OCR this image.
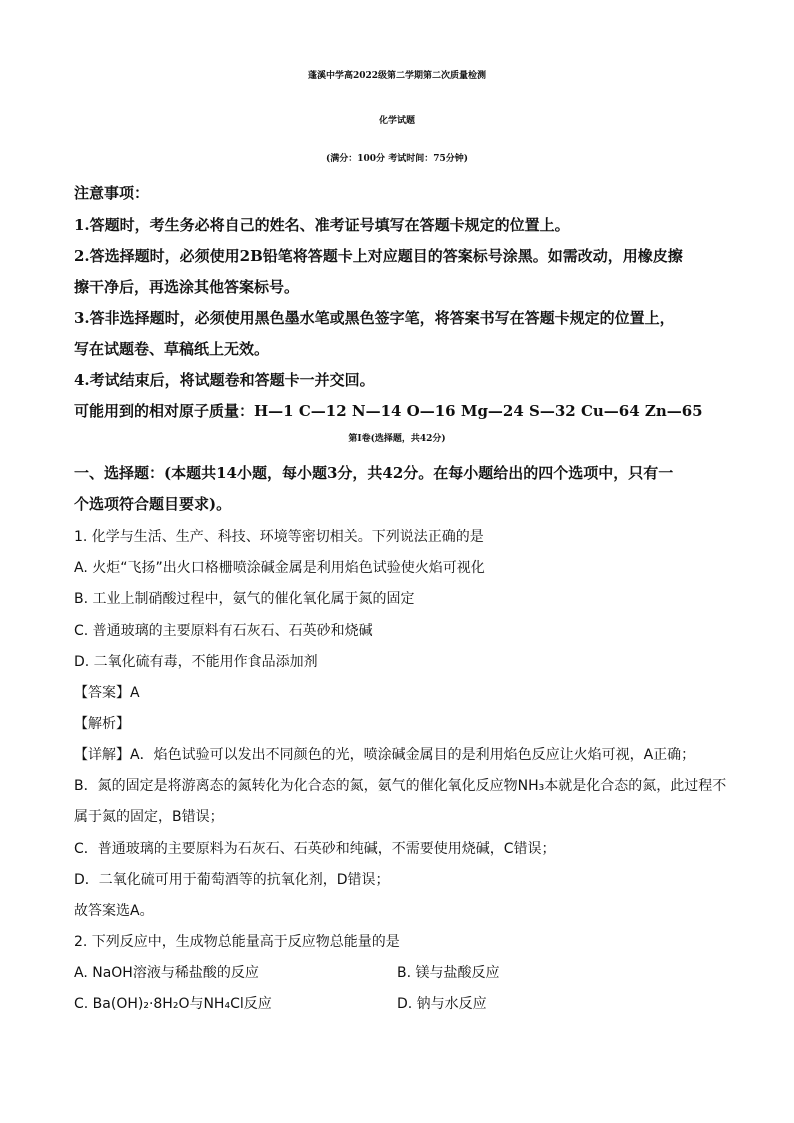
蓬溪中学高2022级第二学期第二次质量检测
化学试题
(满分：100分 考试时间：75分钟)
注意事项：
1.答题时，考生务必将自己的姓名、准考证号填写在答题卡规定的位置上。
2.答选择题时，必须使用2B铅笔将答题卡上对应题目的答案标号涂黑。如需改动，用橡皮擦
擦干净后，再选涂其他答案标号。
3.答非选择题时，必须使用黑色墨水笔或黑色签字笔，将答案书写在答题卡规定的位置上，
写在试题卷、草稿纸上无效。
4.考试结束后，将试题卷和答题卡一并交回。
可能用到的相对原子质量：H—1 C—12 N—14 O—16 Mg—24 S—32 Cu—64 Zn—65
第Ⅰ卷(选择题，共42分)
一、选择题：(本题共14小题，每小题3分，共42分。在每小题给出的四个选项中，只有一
个选项符合题目要求)。
1. 化学与生活、生产、科技、环境等密切相关。下列说法正确的是
A. 火炬“飞扬”出火口格栅喷涂碱金属是利用焰色试验使火焰可视化
B. 工业上制硝酸过程中，氨气的催化氧化属于氮的固定
C. 普通玻璃的主要原料有石灰石、石英砂和烧碱
D. 二氧化硫有毒，不能用作食品添加剂
【答案】A
【解析】
【详解】A．焰色试验可以发出不同颜色的光，喷涂碱金属目的是利用焰色反应让火焰可视，A正确；
B．氮的固定是将游离态的氮转化为化合态的氮，氨气的催化氧化反应物NH₃本就是化合态的氮，此过程不
属于氮的固定，B错误；
C．普通玻璃的主要原料为石灰石、石英砂和纯碱，不需要使用烧碱，C错误；
D．二氧化硫可用于葡萄酒等的抗氧化剂，D错误；
故答案选A。
2. 下列反应中，生成物总能量高于反应物总能量的是
A. NaOH溶液与稀盐酸的反应	B. 镁与盐酸反应
C. Ba(OH)₂·8H₂O与NH₄Cl反应	D. 钠与水反应
